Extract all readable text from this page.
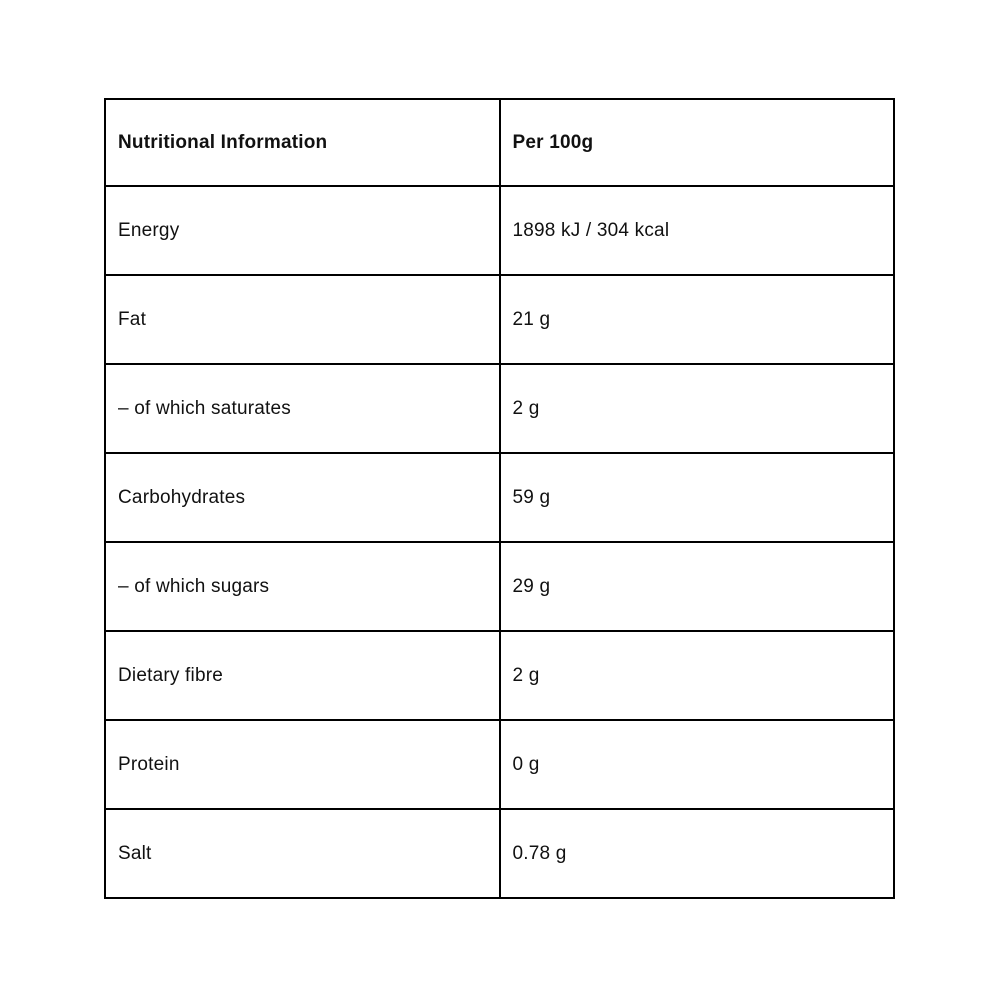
Nutritional Information	Per 100g
Energy	1898 kJ / 304 kcal
Fat	21 g
– of which saturates	2 g
Carbohydrates	59 g
– of which sugars	29 g
Dietary fibre	2 g
Protein	0 g
Salt	0.78 g
